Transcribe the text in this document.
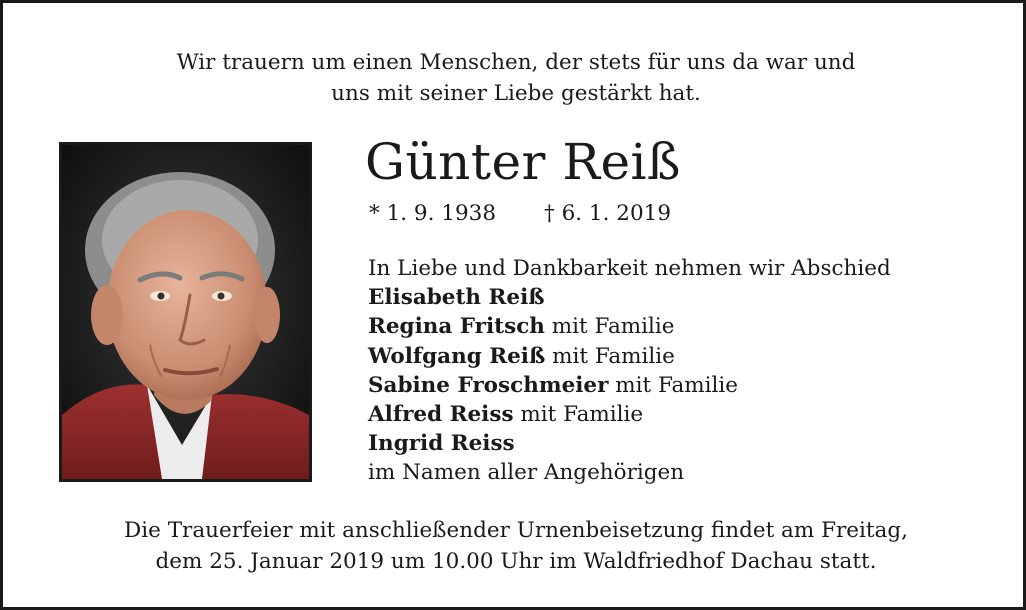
Wir trauern um einen Menschen, der stets für uns da war und
uns mit seiner Liebe gestärkt hat.
Günter Reiß
* 1. 9. 1938 † 6. 1. 2019
In Liebe und Dankbarkeit nehmen wir Abschied
Elisabeth Reiß
Regina Fritsch mit Familie
Wolfgang Reiß mit Familie
Sabine Froschmeier mit Familie
Alfred Reiss mit Familie
Ingrid Reiss
im Namen aller Angehörigen
Die Trauerfeier mit anschließender Urnenbeisetzung findet am Freitag,
dem 25. Januar 2019 um 10.00 Uhr im Waldfriedhof Dachau statt.
